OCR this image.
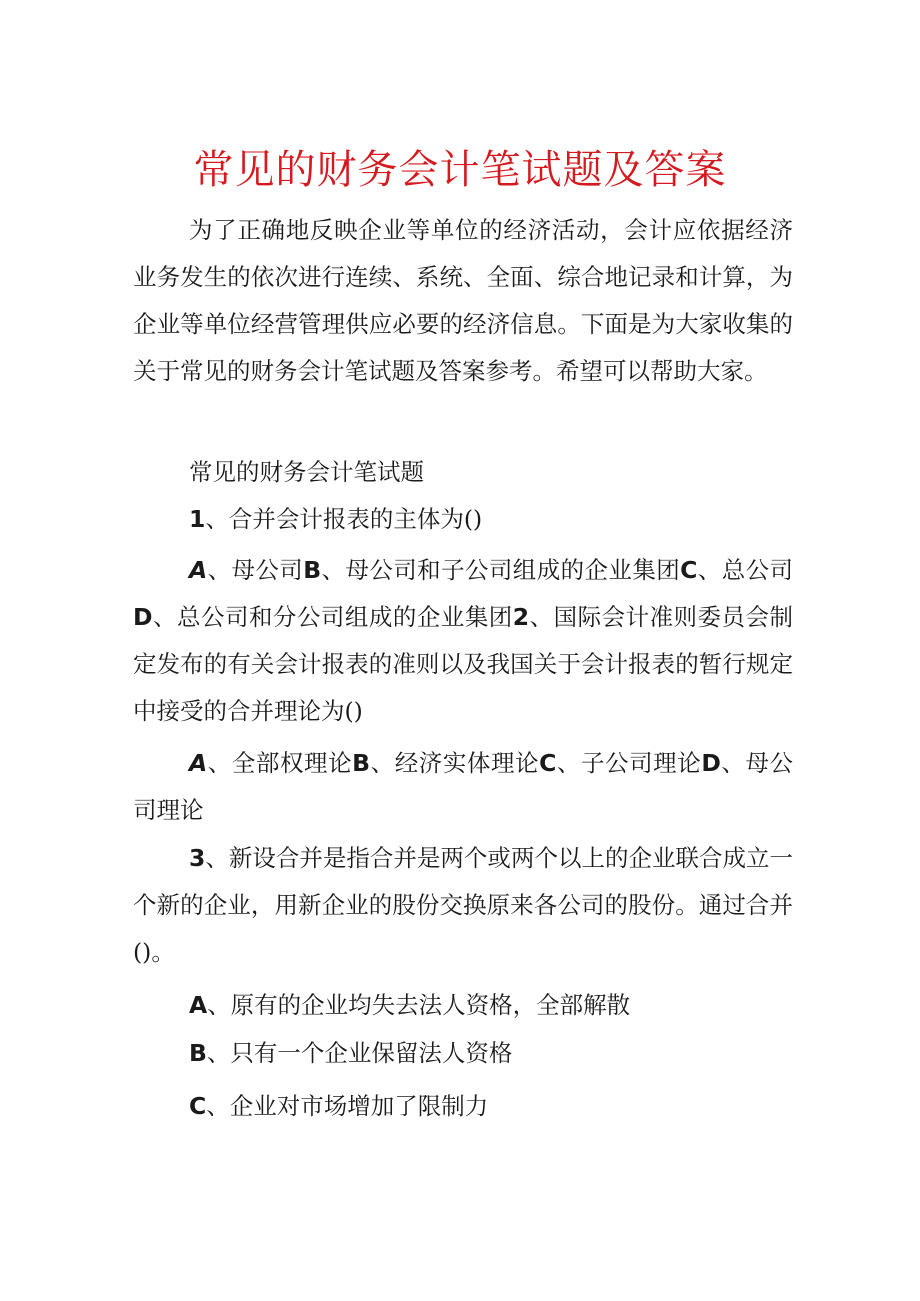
常见的财务会计笔试题及答案

为了正确地反映企业等单位的经济活动，会计应依据经济业务发生的依次进行连续、系统、全面、综合地记录和计算，为企业等单位经营管理供应必要的经济信息。下面是为大家收集的关于常见的财务会计笔试题及答案参考。希望可以帮助大家。

常见的财务会计笔试题

1、合并会计报表的主体为()

A、母公司B、母公司和子公司组成的企业集团C、总公司D、总公司和分公司组成的企业集团2、国际会计准则委员会制定发布的有关会计报表的准则以及我国关于会计报表的暂行规定中接受的合并理论为()

A、全部权理论B、经济实体理论C、子公司理论D、母公司理论

3、新设合并是指合并是两个或两个以上的企业联合成立一个新的企业，用新企业的股份交换原来各公司的股份。通过合并()。

A、原有的企业均失去法人资格，全部解散

B、只有一个企业保留法人资格

C、企业对市场增加了限制力
